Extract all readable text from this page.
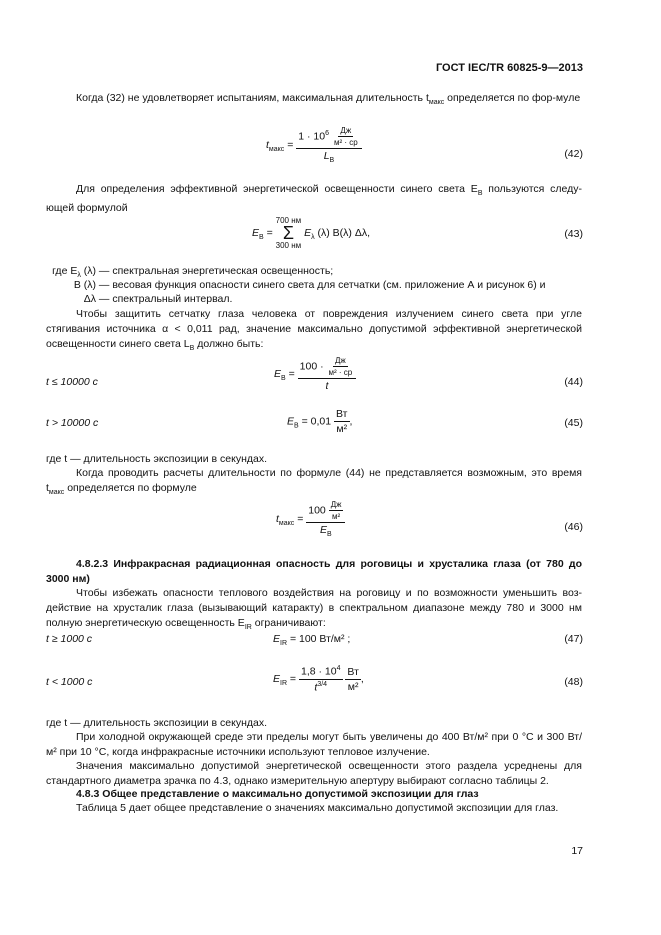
ГОСТ IEC/TR 60825-9—2013
Когда (32) не удовлетворяет испытаниям, максимальная длительность $t_{макс}$ определяется по фор-муле
$t_{макс} = \frac{1 \cdot 10^6 \frac{Дж}{\text{м² · ср}}}{L_B}$	(42)
Для определения эффективной энергетической освещенности синего света $E_B$ пользуются следу-ющей формулой
$E_B$ =
700 нм
Σ
300 нм
$E_\lambda$ (λ) B(λ) Δλ,	(43)
где $E_\lambda$ (λ) — спектральная энергетическая освещенность;
B (λ) — весовая функция опасности синего света для сетчатки (см. приложение А и рисунок 6) и
Δλ — спектральный интервал.
Чтобы защитить сетчатку глаза человека от повреждения излучением синего света при угле стягивания источника α < 0,011 рад, значение максимально допустимой эффективной энергетической освещенности синего света $L_B$ должно быть:
t ≤ 10000 с
$E_B = \frac{100 \cdot \frac{Дж}{\text{м² · ср}}}{t}$	(44)
t > 10000 с	$E_B = 0,01 \frac{Вт}{\text{м²}}$ ,	(45)
где t — длительность экспозиции в секундах.
Когда проводить расчеты длительности по формуле (44) не представляется возможным, это время $t_{макс}$ определяется по формуле
$t_{макс} = \frac{100 \frac{Дж}{\text{м²}}}{E_B}$	(46)
4.8.2.3 Инфракрасная радиационная опасность для роговицы и хрусталика глаза (от 780 до 3000 нм)
Чтобы избежать опасности теплового воздействия на роговицу и по возможности уменьшить воз-действие на хрусталик глаза (вызывающий катаракту) в спектральном диапазоне между 780 и 3000 нм полную энергетическую освещенность $E_{IR}$ ограничивают:
t ≥ 1000 с	$E_{IR} = 100$ Вт/м² ;	(47)
t < 1000 с	$E_{IR} = \frac{1,8 \cdot 10^4}{t^{3/4}}$
$\frac{Вт}{\text{м²}}$ ,	(48)
где t — длительность экспозиции в секундах.
При холодной окружающей среде эти пределы могут быть увеличены до 400 Вт/м² при 0 °С и 300 Вт/м² при 10 °С, когда инфракрасные источники используют тепловое излучение.
Значения максимально допустимой энергетической освещенности этого раздела усреднены для стандартного диаметра зрачка по 4.3, однако измерительную апертуру выбирают согласно таблицы 2.
4.8.3 Общее представление о максимально допустимой экспозиции для глаз
Таблица 5 дает общее представление о значениях максимально допустимой экспозиции для глаз.
17
